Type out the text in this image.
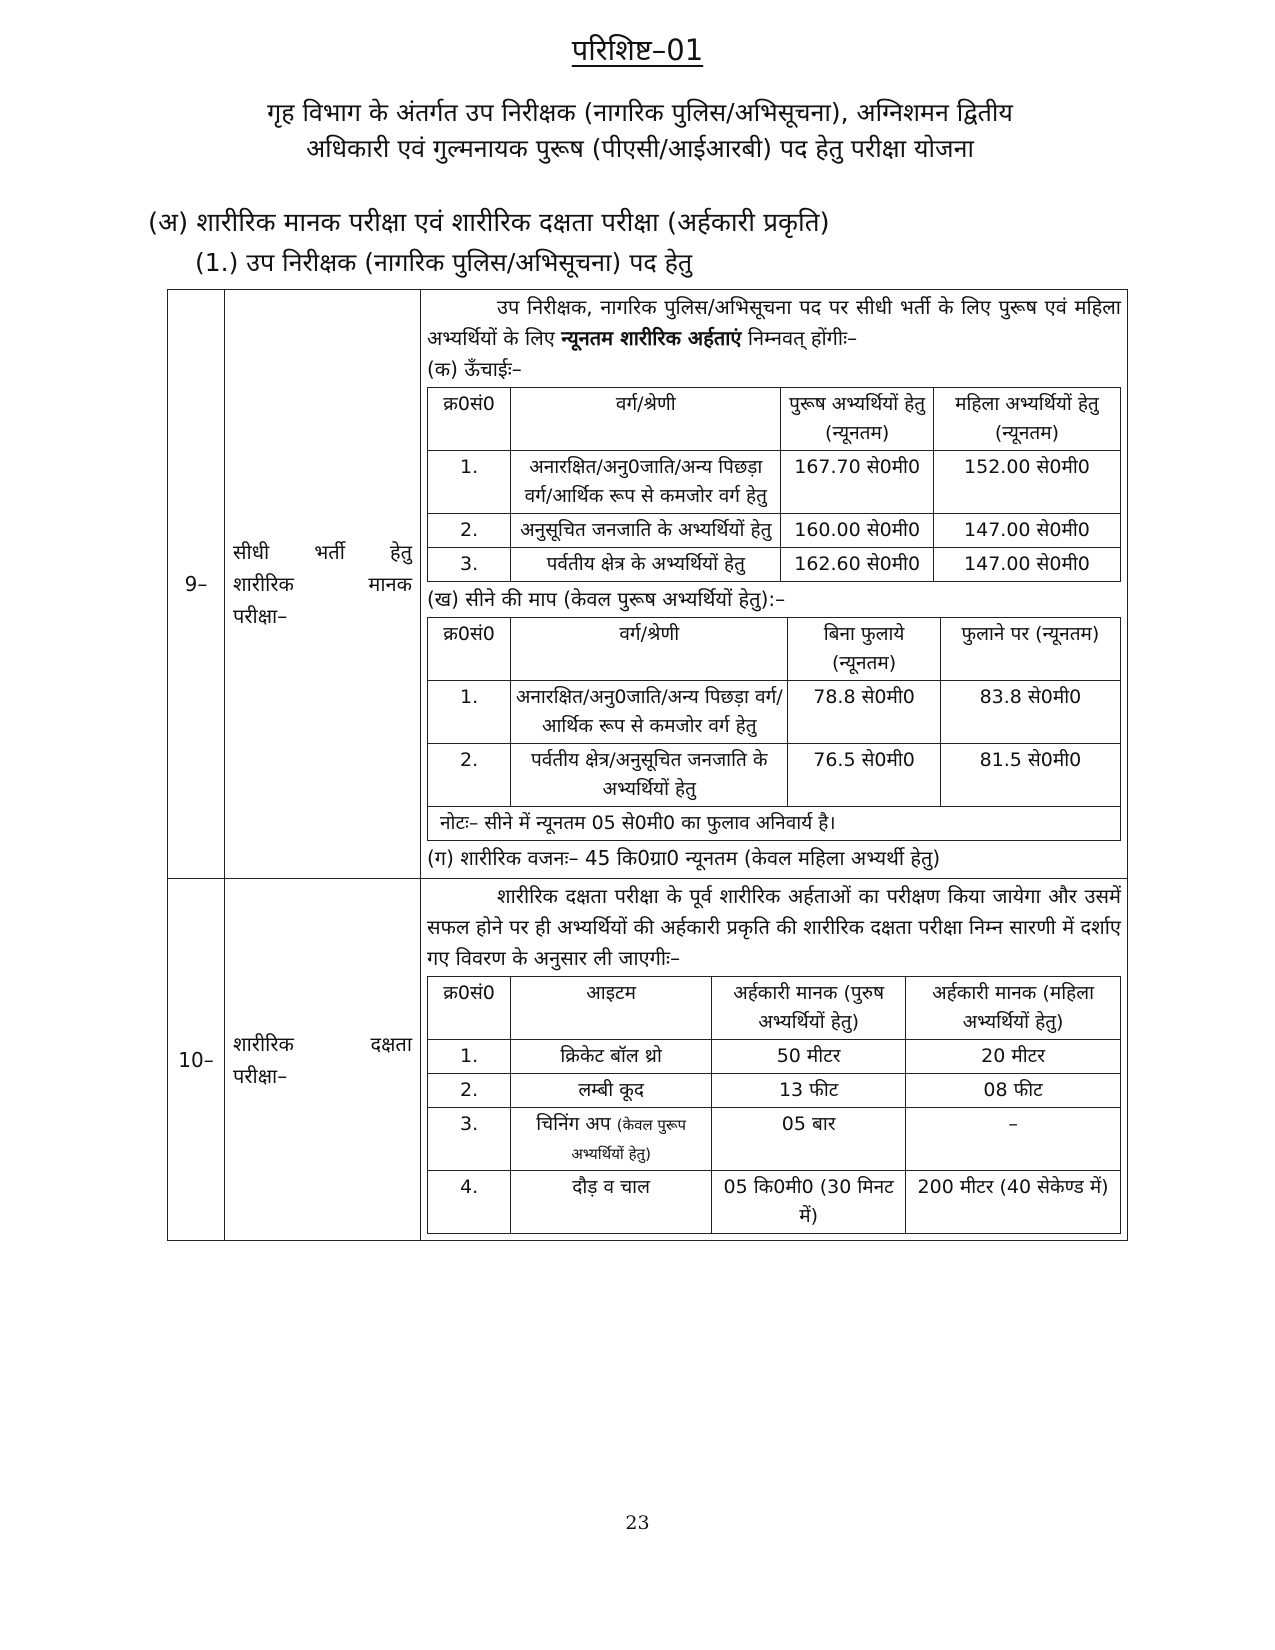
परिशिष्ट–01
गृह विभाग के अंतर्गत उप निरीक्षक (नागरिक पुलिस/अभिसूचना), अग्निशमन द्वितीय
अधिकारी एवं गुल्मनायक पुरूष (पीएसी/आईआरबी) पद हेतु परीक्षा योजना
(अ) शारीरिक मानक परीक्षा एवं शारीरिक दक्षता परीक्षा (अर्हकारी प्रकृति)
(1.) उप निरीक्षक (नागरिक पुलिस/अभिसूचना) पद हेतु
9–	
सीधी भर्ती हेतु
शारीरिक	मानक
परीक्षा–

उप निरीक्षक, नागरिक पुलिस/अभिसूचना पद पर सीधी भर्ती के लिए पुरूष एवं महिला अभ्यर्थियों के लिए न्यूनतम शारीरिक अर्हताएं निम्नवत् होंगीः–
(क) ऊँचाईः–
क्र0सं0	वर्ग/श्रेणी	पुरूष अभ्यर्थियों हेतु (न्यूनतम)	महिला अभ्यर्थियों हेतु (न्यूनतम)
1.	अनारक्षित/अनु0जाति/अन्य पिछड़ा वर्ग/आर्थिक रूप से कमजोर वर्ग हेतु	167.70 से0मी0	152.00 से0मी0
2.	अनुसूचित जनजाति के अभ्यर्थियों हेतु	160.00 से0मी0	147.00 से0मी0
3.	पर्वतीय क्षेत्र के अभ्यर्थियों हेतु	162.60 से0मी0	147.00 से0मी0
(ख) सीने की माप (केवल पुरूष अभ्यर्थियों हेतु):–
क्र0सं0	वर्ग/श्रेणी	बिना फुलाये (न्यूनतम)	फुलाने पर (न्यूनतम)
1.	अनारक्षित/अनु0जाति/अन्य पिछड़ा वर्ग/आर्थिक रूप से कमजोर वर्ग हेतु	78.8 से0मी0	83.8 से0मी0
2.	पर्वतीय क्षेत्र/अनुसूचित जनजाति के अभ्यर्थियों हेतु	76.5 से0मी0	81.5 से0मी0
नोटः– सीने में न्यूनतम 05 से0मी0 का फुलाव अनिवार्य है।
(ग) शारीरिक वजनः– 45 कि0ग्रा0 न्यूनतम (केवल महिला अभ्यर्थी हेतु)

10–	
शारीरिक	दक्षता
परीक्षा–

शारीरिक दक्षता परीक्षा के पूर्व शारीरिक अर्हताओं का परीक्षण किया जायेगा और उसमें सफल होने पर ही अभ्यर्थियों की अर्हकारी प्रकृति की शारीरिक दक्षता परीक्षा निम्न सारणी में दर्शाए गए विवरण के अनुसार ली जाएगीः–
क्र0सं0	आइटम	अर्हकारी मानक (पुरुष अभ्यर्थियों हेतु)	अर्हकारी मानक (महिला अभ्यर्थियों हेतु)
1.	क्रिकेट बॉल थ्रो	50 मीटर	20 मीटर
2.	लम्बी कूद	13 फीट	08 फीट
3.	चिनिंग अप (केवल पुरूप अभ्यर्थियों हेतु)	05 बार	–
4.	दौड़ व चाल	05 कि0मी0 (30 मिनट में)	200 मीटर (40 सेकेण्ड में)
23
